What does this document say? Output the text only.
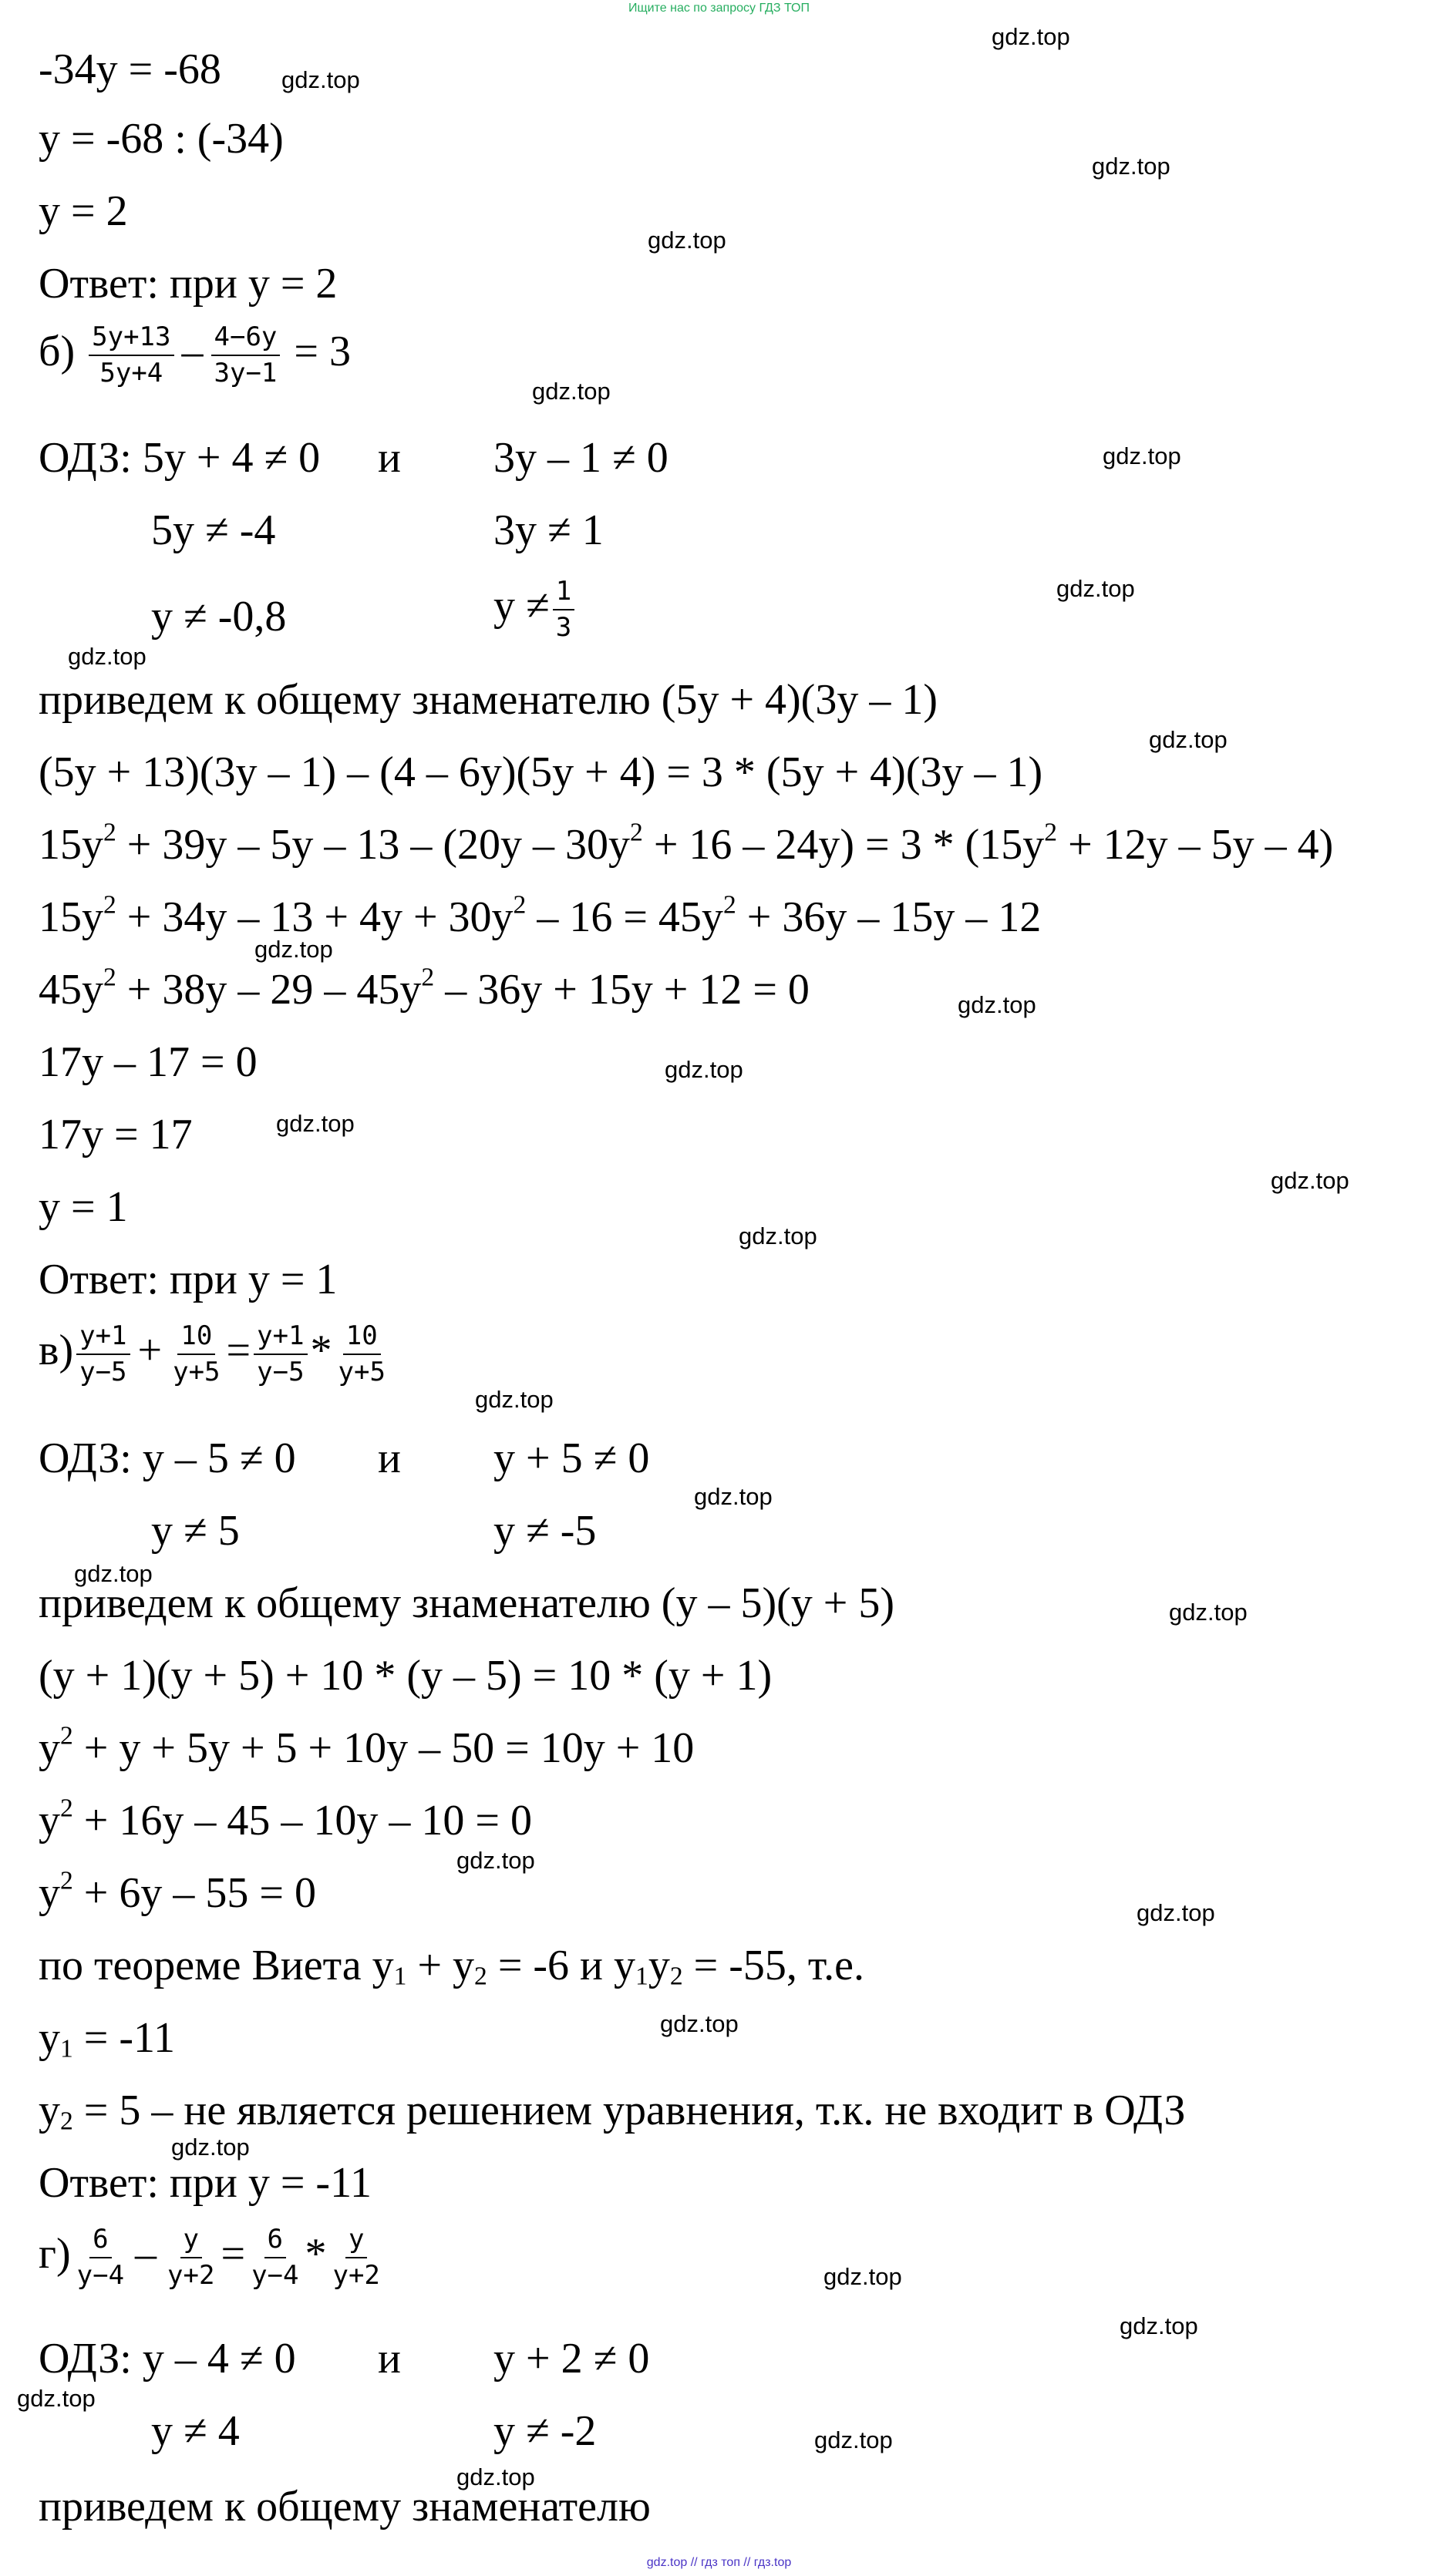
Ищите нас по запросу ГДЗ ТОП
-34y = -68
y = -68 : (-34)
y = 2
Ответ: при y = 2
$б) \frac{5y+13}{5y+4} - \frac{4-6y}{3y-1} = 3$
ОДЗ: 5y + 4 ≠ 0 и 3y – 1 ≠ 0
5y ≠ -4	3y ≠ 1
y ≠ -0,8	$y \ne \frac{1}{3}$
приведем к общему знаменателю (5y + 4)(3y – 1)
(5y + 13)(3y – 1) – (4 – 6y)(5y + 4) = 3 * (5y + 4)(3y – 1)
$15y^2 + 39y - 5y - 13 - (20y - 30y^2 + 16 - 24y) = 3 * (15y^2 + 12y - 5y - 4)$
$15y^2 + 34y - 13 + 4y + 30y^2 - 16 = 45y^2 + 36y - 15y - 12$
$45y^2 + 38y - 29 - 45y^2 - 36y + 15y + 12 = 0$
17y – 17 = 0
17y = 17
y = 1
Ответ: при y = 1
$в) \frac{y+1}{y-5} + \frac{10}{y+5} = \frac{y+1}{y-5} * \frac{10}{y+5}$
ОДЗ: y – 5 ≠ 0 и y + 5 ≠ 0
y ≠ 5	y ≠ -5
приведем к общему знаменателю (y – 5)(y + 5)
(y + 1)(y + 5) + 10 * (y – 5) = 10 * (y + 1)
$y^2 + y + 5y + 5 + 10y - 50 = 10y + 10$
$y^2 + 16y - 45 - 10y - 10 = 0$
$y^2 + 6y - 55 = 0$
по теореме Виета $y_1 + y_2 = -6$ и $y_1y_2 = -55$, т.е.
$y_1 = -11$
$y_2 = 5$ – не является решением уравнения, т.к. не входит в ОДЗ
Ответ: при y = -11
$г) \frac{6}{y-4} - \frac{y}{y+2} = \frac{6}{y-4} * \frac{y}{y+2}$
ОДЗ: y – 4 ≠ 0 и y + 2 ≠ 0
y ≠ 4	y ≠ -2
приведем к общему знаменателю
gdz.top
gdz.top
gdz.top
gdz.top
gdz.top
gdz.top
gdz.top
gdz.top
gdz.top
gdz.top
gdz.top
gdz.top
gdz.top
gdz.top
gdz.top
gdz.top
gdz.top
gdz.top
gdz.top
gdz.top
gdz.top
gdz.top
gdz.top
gdz.top
gdz.top
gdz.top
gdz.top
gdz.top
gdz.top // гдз топ // гдз.top
